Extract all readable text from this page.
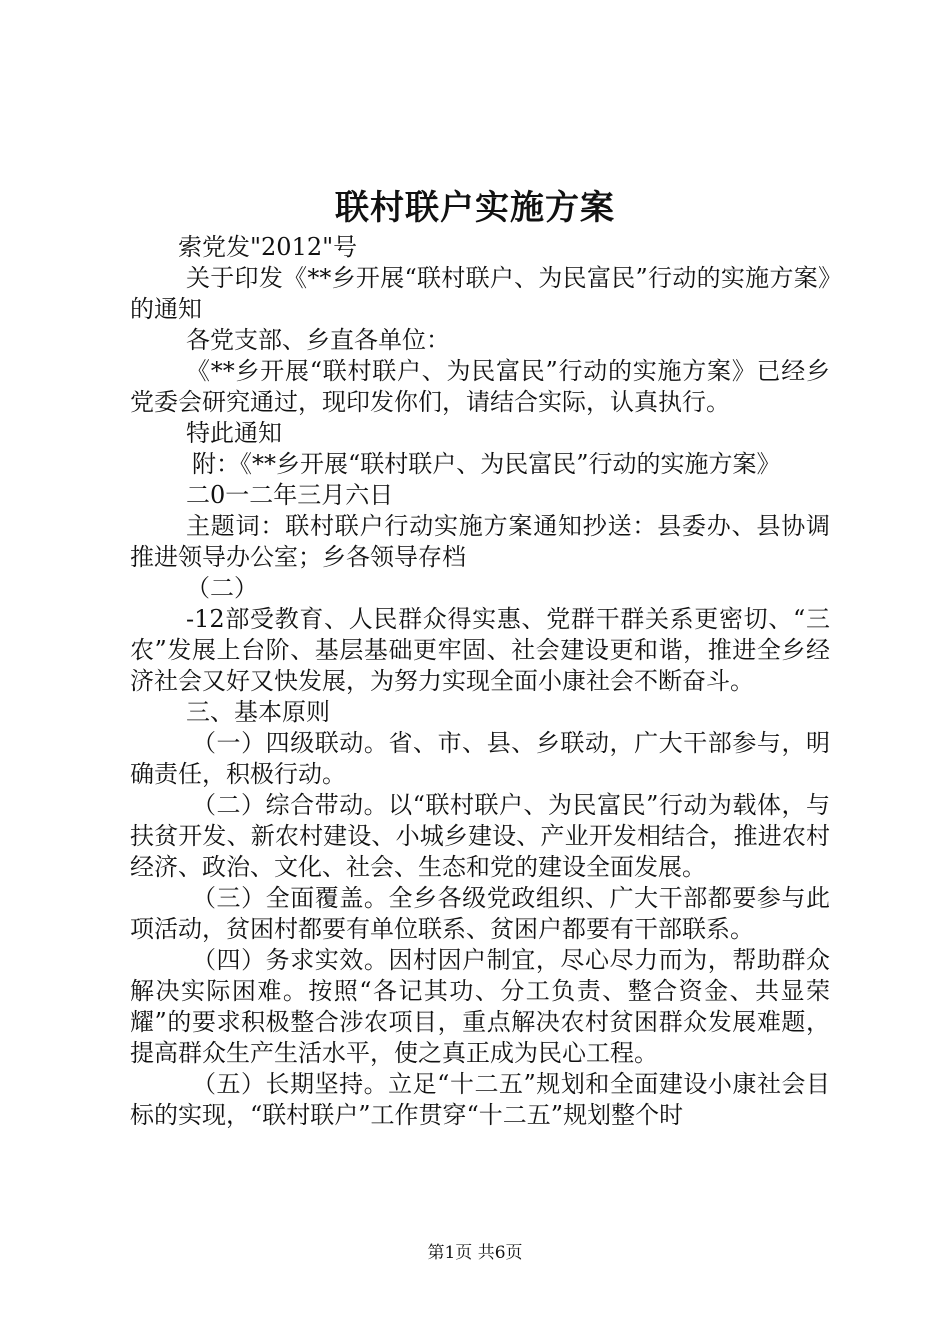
联村联户实施方案

索党发"2012"号

关于印发《**乡开展“联村联户、为民富民”行动的实施方案》的通知

各党支部、乡直各单位：

《**乡开展“联村联户、为民富民”行动的实施方案》已经乡党委会研究通过，现印发你们，请结合实际，认真执行。

特此通知

附：《**乡开展“联村联户、为民富民”行动的实施方案》

二0一二年三月六日

主题词：联村联户行动实施方案通知抄送：县委办、县协调推进领导办公室；乡各领导存档

（二）

-12部受教育、人民群众得实惠、党群干群关系更密切、“三农”发展上台阶、基层基础更牢固、社会建设更和谐，推进全乡经济社会又好又快发展，为努力实现全面小康社会不断奋斗。

三、基本原则

（一）四级联动。省、市、县、乡联动，广大干部参与，明确责任，积极行动。

（二）综合带动。以“联村联户、为民富民”行动为载体，与扶贫开发、新农村建设、小城乡建设、产业开发相结合，推进农村经济、政治、文化、社会、生态和党的建设全面发展。

（三）全面覆盖。全乡各级党政组织、广大干部都要参与此项活动，贫困村都要有单位联系、贫困户都要有干部联系。

（四）务求实效。因村因户制宜，尽心尽力而为，帮助群众解决实际困难。按照“各记其功、分工负责、整合资金、共显荣耀”的要求积极整合涉农项目，重点解决农村贫困群众发展难题，提高群众生产生活水平，使之真正成为民心工程。

（五）长期坚持。立足“十二五”规划和全面建设小康社会目标的实现，“联村联户”工作贯穿“十二五”规划整个时

第1页 共6页
